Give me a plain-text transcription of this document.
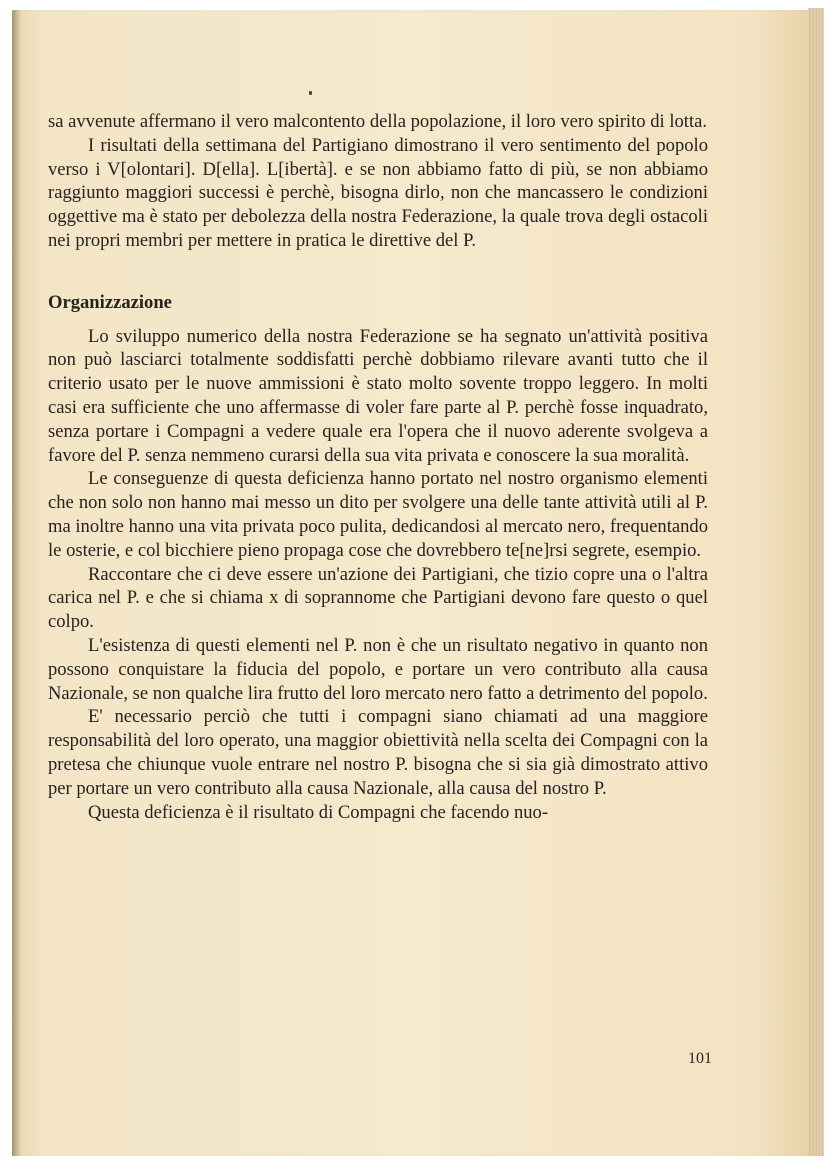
sa avvenute affermano il vero malcontento della popolazione, il loro vero spirito di lotta.

I risultati della settimana del Partigiano dimostrano il vero sentimento del popolo verso i V[olontari]. D[ella]. L[ibertà]. e se non abbiamo fatto di più, se non abbiamo raggiunto maggiori successi è perchè, bisogna dirlo, non che mancassero le condizioni oggettive ma è stato per debolezza della nostra Federazione, la quale trova degli ostacoli nei propri membri per mettere in pratica le direttive del P.

Organizzazione

Lo sviluppo numerico della nostra Federazione se ha segnato un'attività positiva non può lasciarci totalmente soddisfatti perchè dobbiamo rilevare avanti tutto che il criterio usato per le nuove ammissioni è stato molto sovente troppo leggero. In molti casi era sufficiente che uno affermasse di voler fare parte al P. perchè fosse inquadrato, senza portare i Compagni a vedere quale era l'opera che il nuovo aderente svolgeva a favore del P. senza nemmeno curarsi della sua vita privata e conoscere la sua moralità.

Le conseguenze di questa deficienza hanno portato nel nostro organismo elementi che non solo non hanno mai messo un dito per svolgere una delle tante attività utili al P. ma inoltre hanno una vita privata poco pulita, dedicandosi al mercato nero, frequentando le osterie, e col bicchiere pieno propaga cose che dovrebbero te[ne]rsi segrete, esempio.

Raccontare che ci deve essere un'azione dei Partigiani, che tizio copre una o l'altra carica nel P. e che si chiama x di soprannome che Partigiani devono fare questo o quel colpo.

L'esistenza di questi elementi nel P. non è che un risultato negativo in quanto non possono conquistare la fiducia del popolo, e portare un vero contributo alla causa Nazionale, se non qualche lira frutto del loro mercato nero fatto a detrimento del popolo.

E' necessario perciò che tutti i compagni siano chiamati ad una maggiore responsabilità del loro operato, una maggior obiettività nella scelta dei Compagni con la pretesa che chiunque vuole entrare nel nostro P. bisogna che si sia già dimostrato attivo per portare un vero contributo alla causa Nazionale, alla causa del nostro P.

Questa deficienza è il risultato di Compagni che facendo nuo-

101
